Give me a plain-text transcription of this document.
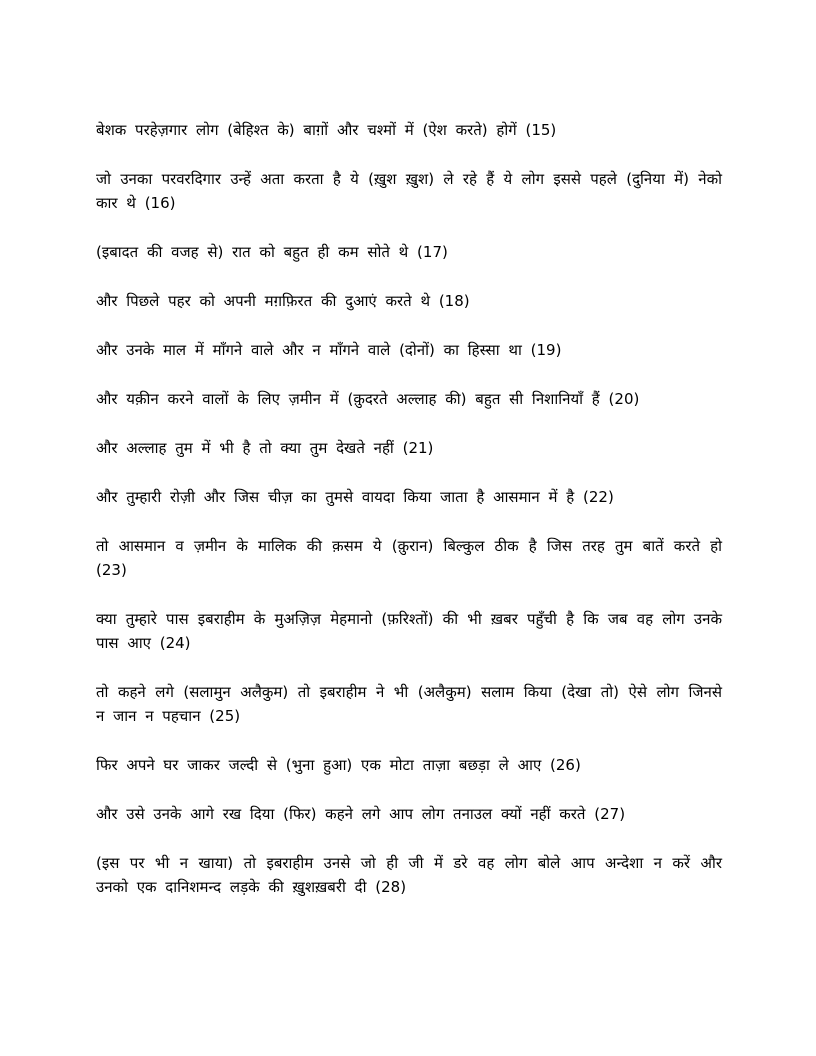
बेशक परहेज़गार लोग (बेहिश्त के) बाग़ों और चश्मों में (ऐश करते) होगें (15)

जो उनका परवरदिगार उन्हें अता करता है ये (ख़ुश ख़ुश) ले रहे हैं ये लोग इससे पहले (दुनिया में) नेको कार थे (16)

(इबादत की वजह से) रात को बहुत ही कम सोते थे (17)

और पिछले पहर को अपनी मग़फ़िरत की दुआएं करते थे (18)

और उनके माल में माँगने वाले और न माँगने वाले (दोनों) का हिस्सा था (19)

और यक़ीन करने वालों के लिए ज़मीन में (क़ुदरते अल्लाह की) बहुत सी निशानियाँ हैं (20)

और अल्लाह तुम में भी है तो क्या तुम देखते नहीं (21)

और तुम्हारी रोज़ी और जिस चीज़ का तुमसे वायदा किया जाता है आसमान में है (22)

तो आसमान व ज़मीन के मालिक की क़सम ये (क़ुरान) बिल्कुल ठीक है जिस तरह तुम बातें करते हो (23)

क्या तुम्हारे पास इबराहीम के मुअज़िज़ मेहमानो (फ़रिश्तों) की भी ख़बर पहुँची है कि जब वह लोग उनके पास आए (24)

तो कहने लगे (सलामुन अलैकुम) तो इबराहीम ने भी (अलैकुम) सलाम किया (देखा तो) ऐसे लोग जिनसे न जान न पहचान (25)

फिर अपने घर जाकर जल्दी से (भुना हुआ) एक मोटा ताज़ा बछड़ा ले आए (26)

और उसे उनके आगे रख दिया (फिर) कहने लगे आप लोग तनाउल क्यों नहीं करते (27)

(इस पर भी न खाया) तो इबराहीम उनसे जो ही जी में डरे वह लोग बोले आप अन्देशा न करें और उनको एक दानिशमन्द लड़के की ख़ुशख़बरी दी (28)
